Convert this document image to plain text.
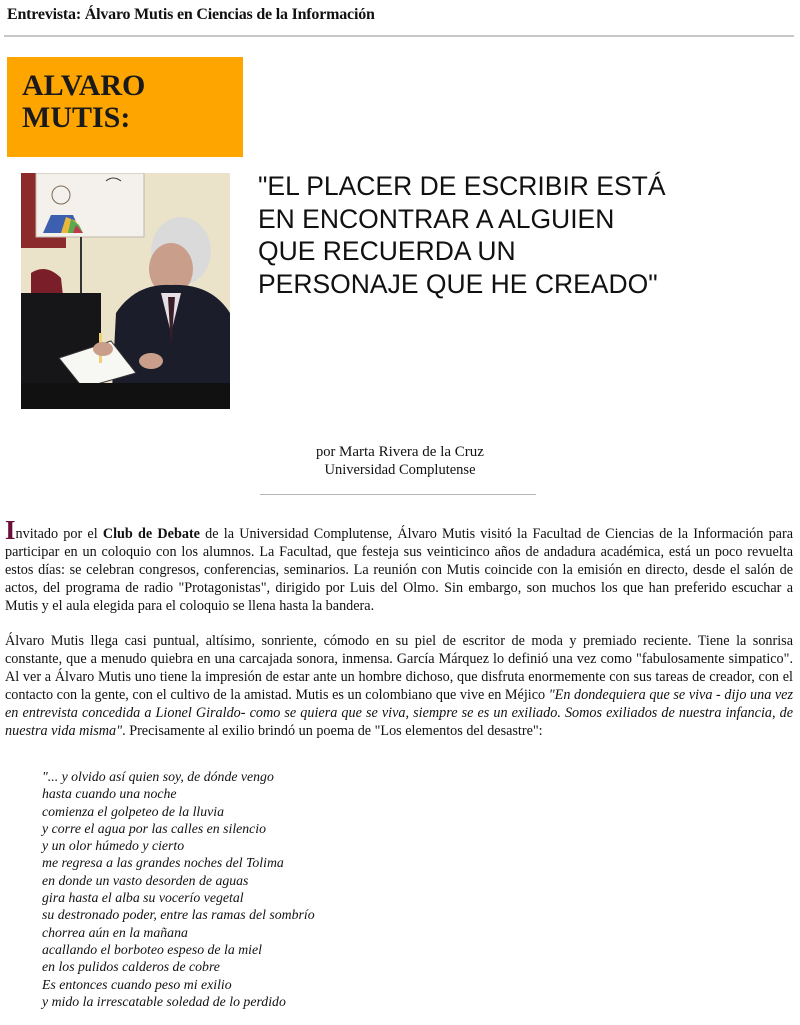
Entrevista: Álvaro Mutis en Ciencias de la Información
ALVARO
MUTIS:
"EL PLACER DE ESCRIBIR ESTÁ
EN ENCONTRAR A ALGUIEN
QUE RECUERDA UN
PERSONAJE QUE HE CREADO"
por Marta Rivera de la Cruz
Universidad Complutense
Invitado por el Club de Debate de la Universidad Complutense, Álvaro Mutis visitó la Facultad de Ciencias de la Información para participar en un coloquio con los alumnos. La Facultad, que festeja sus veinticinco años de andadura académica, está un poco revuelta estos días: se celebran congresos, conferencias, seminarios. La reunión con Mutis coincide con la emisión en directo, desde el salón de actos, del programa de radio "Protagonistas", dirigido por Luis del Olmo. Sin embargo, son muchos los que han preferido escuchar a Mutis y el aula elegida para el coloquio se llena hasta la bandera.
Álvaro Mutis llega casi puntual, altísimo, sonriente, cómodo en su piel de escritor de moda y premiado reciente. Tiene la sonrisa constante, que a menudo quiebra en una carcajada sonora, inmensa. García Márquez lo definió una vez como "fabulosamente simpatico". Al ver a Álvaro Mutis uno tiene la impresión de estar ante un hombre dichoso, que disfruta enormemente con sus tareas de creador, con el contacto con la gente, con el cultivo de la amistad. Mutis es un colombiano que vive en Méjico "En dondequiera que se viva - dijo una vez en entrevista concedida a Lionel Giraldo- como se quiera que se viva, siempre se es un exiliado. Somos exiliados de nuestra infancia, de nuestra vida misma". Precisamente al exilio brindó un poema de "Los elementos del desastre":
"... y olvido así quien soy, de dónde vengo
hasta cuando una noche
comienza el golpeteo de la lluvia
y corre el agua por las calles en silencio
y un olor húmedo y cierto
me regresa a las grandes noches del Tolima
en donde un vasto desorden de aguas
gira hasta el alba su vocerío vegetal
su destronado poder, entre las ramas del sombrío
chorrea aún en la mañana
acallando el borboteo espeso de la miel
en los pulidos calderos de cobre
Es entonces cuando peso mi exilio
y mido la irrescatable soledad de lo perdido
